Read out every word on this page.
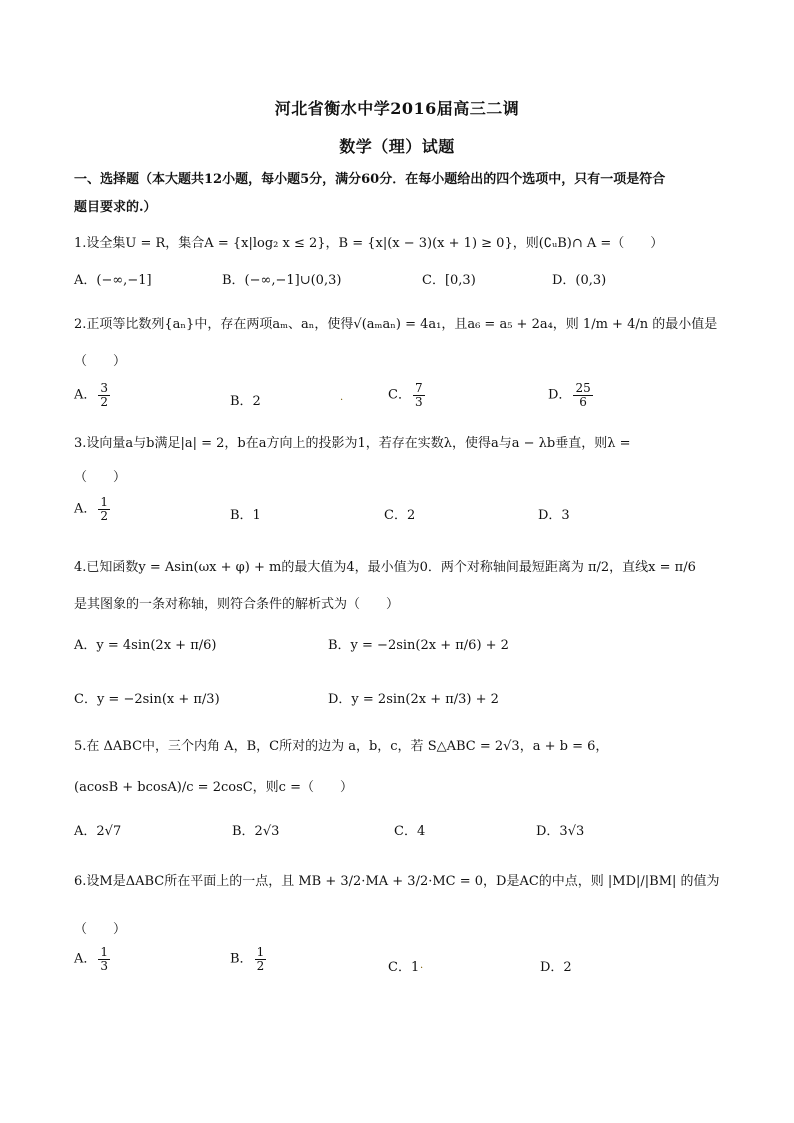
河北省衡水中学2016届高三二调
数学（理）试题
一、选择题（本大题共12小题，每小题5分，满分60分．在每小题给出的四个选项中，只有一项是符合
题目要求的.）
1.设全集U = R，集合A = {x|log₂ x ≤ 2}，B = {x|(x − 3)(x + 1) ≥ 0}，则(∁ᵤB)∩ A =（　　）
A．(−∞,−1]	B．(−∞,−1]∪(0,3)	C．[0,3)	D．(0,3)
2.正项等比数列{aₙ}中，存在两项aₘ、aₙ，使得√(aₘaₙ) = 4a₁，且a₆ = a₅ + 2a₄，则 1/m + 4/n 的最小值是
（　　）
A． $\frac{3}{2}$	B．2	.	C． $\frac{7}{3}$	D． $\frac{25}{6}$
3.设向量a与b满足|a| = 2，b在a方向上的投影为1，若存在实数λ，使得a与a − λb垂直，则λ =
（　　）
A． $\frac{1}{2}$	B．1	C．2	D．3
4.已知函数y = Asin(ωx + φ) + m的最大值为4，最小值为0．两个对称轴间最短距离为 π/2，直线x = π/6
是其图象的一条对称轴，则符合条件的解析式为（　　）
A．y = 4sin(2x + π/6)	B．y = −2sin(2x + π/6) + 2
C．y = −2sin(x + π/3)	D．y = 2sin(2x + π/3) + 2
5.在 ΔABC中，三个内角 A，B，C所对的边为 a，b，c，若 S△ABC = 2√3，a + b = 6，
(acosB + bcosA)/c = 2cosC，则c =（　　）
A．2√7	B．2√3	C．4	D．3√3
6.设M是ΔABC所在平面上的一点，且 MB + 3/2·MA + 3/2·MC = 0，D是AC的中点，则 |MD|/|BM| 的值为
（　　）
A． $\frac{1}{3}$	B． $\frac{1}{2}$	C．1 .	D．2
